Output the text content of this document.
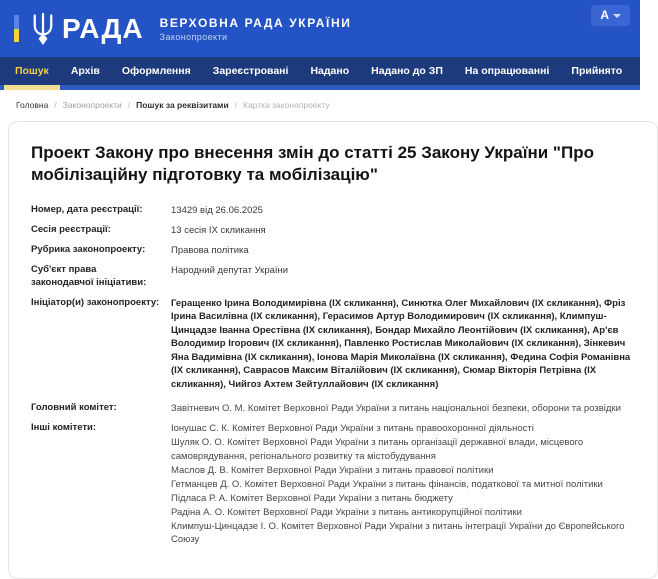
РАДА ВЕРХОВНА РАДА УКРАЇНИ
Законопроекти
A
Пошук	Архів	Оформлення	Зареєстровані	Надано	Надано до ЗП	На опрацюванні	Прийнято
Головна / Законопроекти / Пошук за реквізитами / Картка законопроекту
Проект Закону про внесення змін до статті 25 Закону України "Про мобілізаційну підготовку та мобілізацію"
Номер, дата реєстрації:	13429 від 26.06.2025
Сесія реєстрації:	13 сесія IX скликання
Рубрика законопроекту:	Правова політика
Суб'єкт права законодавчої ініціативи:
Народний депутат України
Ініціатор(и) законопроекту:	Геращенко Ірина Володимирівна (ІХ скликання), Синютка Олег Михайлович (ІХ скликання), Фріз Ірина Василівна (ІХ скликання), Герасимов Артур Володимирович (ІХ скликання), Климпуш-Цинцадзе Іванна Орестівна (ІХ скликання), Бондар Михайло Леонтійович (ІХ скликання), Ар'єв Володимир Ігорович (ІХ скликання), Павленко Ростислав Миколайович (ІХ скликання), Зінкевич Яна Вадимівна (ІХ скликання), Іонова Марія Миколаївна (ІХ скликання), Федина Софія Романівна (ІХ скликання), Саврасов Максим Віталійович (ІХ скликання), Сюмар Вікторія Петрівна (ІХ скликання), Чийгоз Ахтем Зейтуллайович (ІХ скликання)
Головний комітет:	Завітневич О. М. Комітет Верховної Ради України з питань національної безпеки, оборони та розвідки
Інші комітети:	Іонушас С. К. Комітет Верховної Ради України з питань правоохоронної діяльності
Шуляк О. О. Комітет Верховної Ради України з питань організації державної влади, місцевого самоврядування, регіонального розвитку та містобудування
Маслов Д. В. Комітет Верховної Ради України з питань правової політики
Гетманцев Д. О. Комітет Верховної Ради України з питань фінансів, податкової та митної політики
Підласа Р. А. Комітет Верховної Ради України з питань бюджету
Радіна А. О. Комітет Верховної Ради України з питань антикорупційної політики
Климпуш-Цинцадзе І. О. Комітет Верховної Ради України з питань інтеграції України до Європейського Союзу
